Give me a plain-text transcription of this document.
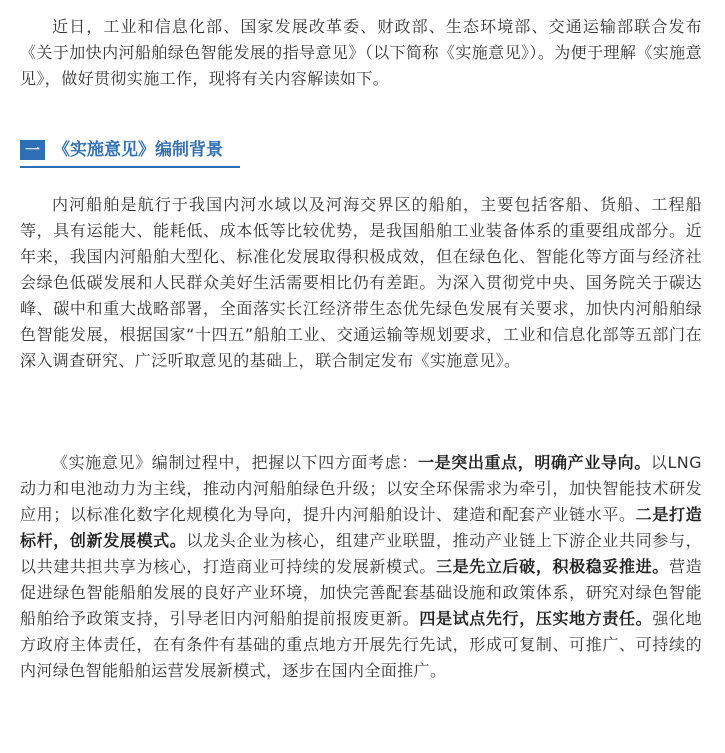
近日，工业和信息化部、国家发展改革委、财政部、生态环境部、交通运输部联合发布《关于加快内河船舶绿色智能发展的指导意见》（以下简称《实施意见》）。为便于理解《实施意见》，做好贯彻实施工作，现将有关内容解读如下。

一 《实施意见》编制背景

内河船舶是航行于我国内河水域以及河海交界区的船舶，主要包括客船、货船、工程船等，具有运能大、能耗低、成本低等比较优势，是我国船舶工业装备体系的重要组成部分。近年来，我国内河船舶大型化、标准化发展取得积极成效，但在绿色化、智能化等方面与经济社会绿色低碳发展和人民群众美好生活需要相比仍有差距。为深入贯彻党中央、国务院关于碳达峰、碳中和重大战略部署，全面落实长江经济带生态优先绿色发展有关要求，加快内河船舶绿色智能发展，根据国家“十四五”船舶工业、交通运输等规划要求，工业和信息化部等五部门在深入调查研究、广泛听取意见的基础上，联合制定发布《实施意见》。

《实施意见》编制过程中，把握以下四方面考虑：一是突出重点，明确产业导向。以LNG动力和电池动力为主线，推动内河船舶绿色升级；以安全环保需求为牵引，加快智能技术研发应用；以标准化数字化规模化为导向，提升内河船舶设计、建造和配套产业链水平。二是打造标杆，创新发展模式。以龙头企业为核心，组建产业联盟，推动产业链上下游企业共同参与，以共建共担共享为核心，打造商业可持续的发展新模式。三是先立后破，积极稳妥推进。营造促进绿色智能船舶发展的良好产业环境，加快完善配套基础设施和政策体系，研究对绿色智能船舶给予政策支持，引导老旧内河船舶提前报废更新。四是试点先行，压实地方责任。强化地方政府主体责任，在有条件有基础的重点地方开展先行先试，形成可复制、可推广、可持续的内河绿色智能船舶运营发展新模式，逐步在国内全面推广。
